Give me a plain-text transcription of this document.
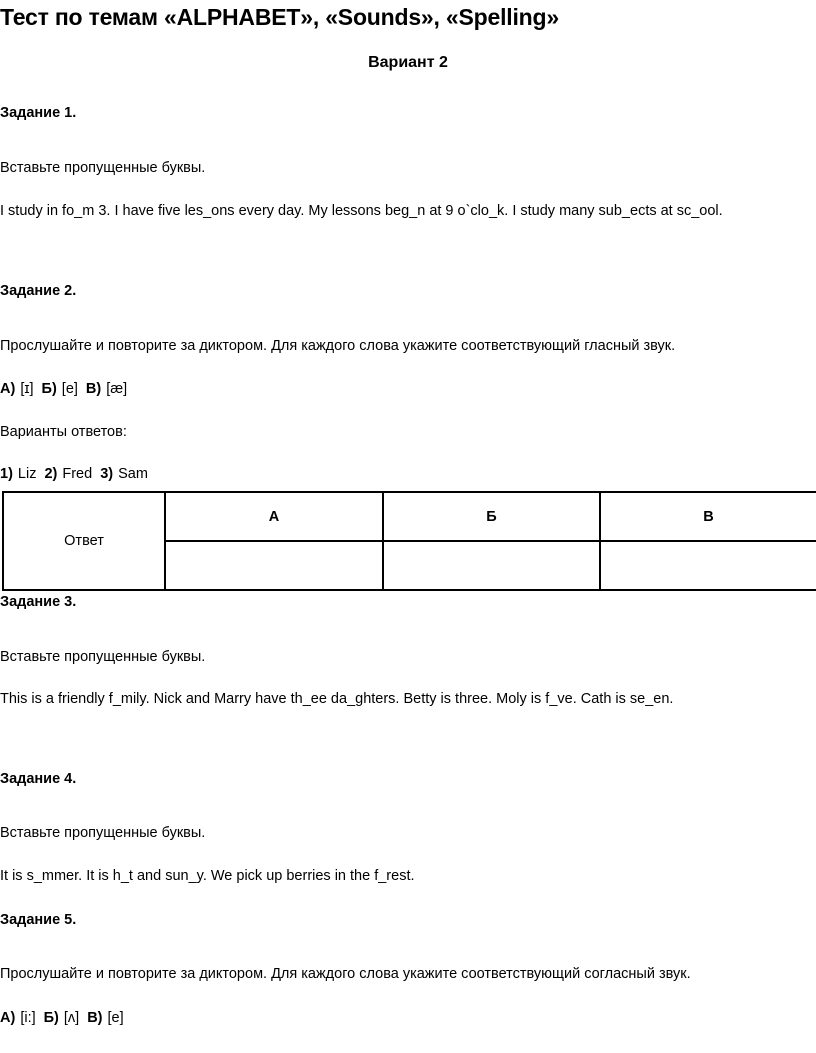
Тест по темам «ALPHABET», «Sounds», «Spelling»
Вариант 2
Задание 1.
Вставьте пропущенные буквы.
I study in fo_m 3. I have five les_ons every day. My lessons beg_n at 9 o`clo_k. I study many sub_ects at sc_ool.
Задание 2.
Прослушайте и повторите за диктором. Для каждого слова укажите соответствующий гласный звук.
А) [ɪ] Б) [e] В) [æ]
Варианты ответов:
1) Liz 2) Fred 3) Sam
Ответ	А	Б	В

Задание 3.
Вставьте пропущенные буквы.
This is a friendly f_mily. Nick and Marry have th_ee da_ghters. Betty is three. Moly is f_ve. Cath is se_en.
Задание 4.
Вставьте пропущенные буквы.
It is s_mmer. It is h_t and sun_y. We pick up berries in the f_rest.
Задание 5.
Прослушайте и повторите за диктором. Для каждого слова укажите соответствующий согласный звук.
А) [i:] Б) [ʌ] В) [e]
